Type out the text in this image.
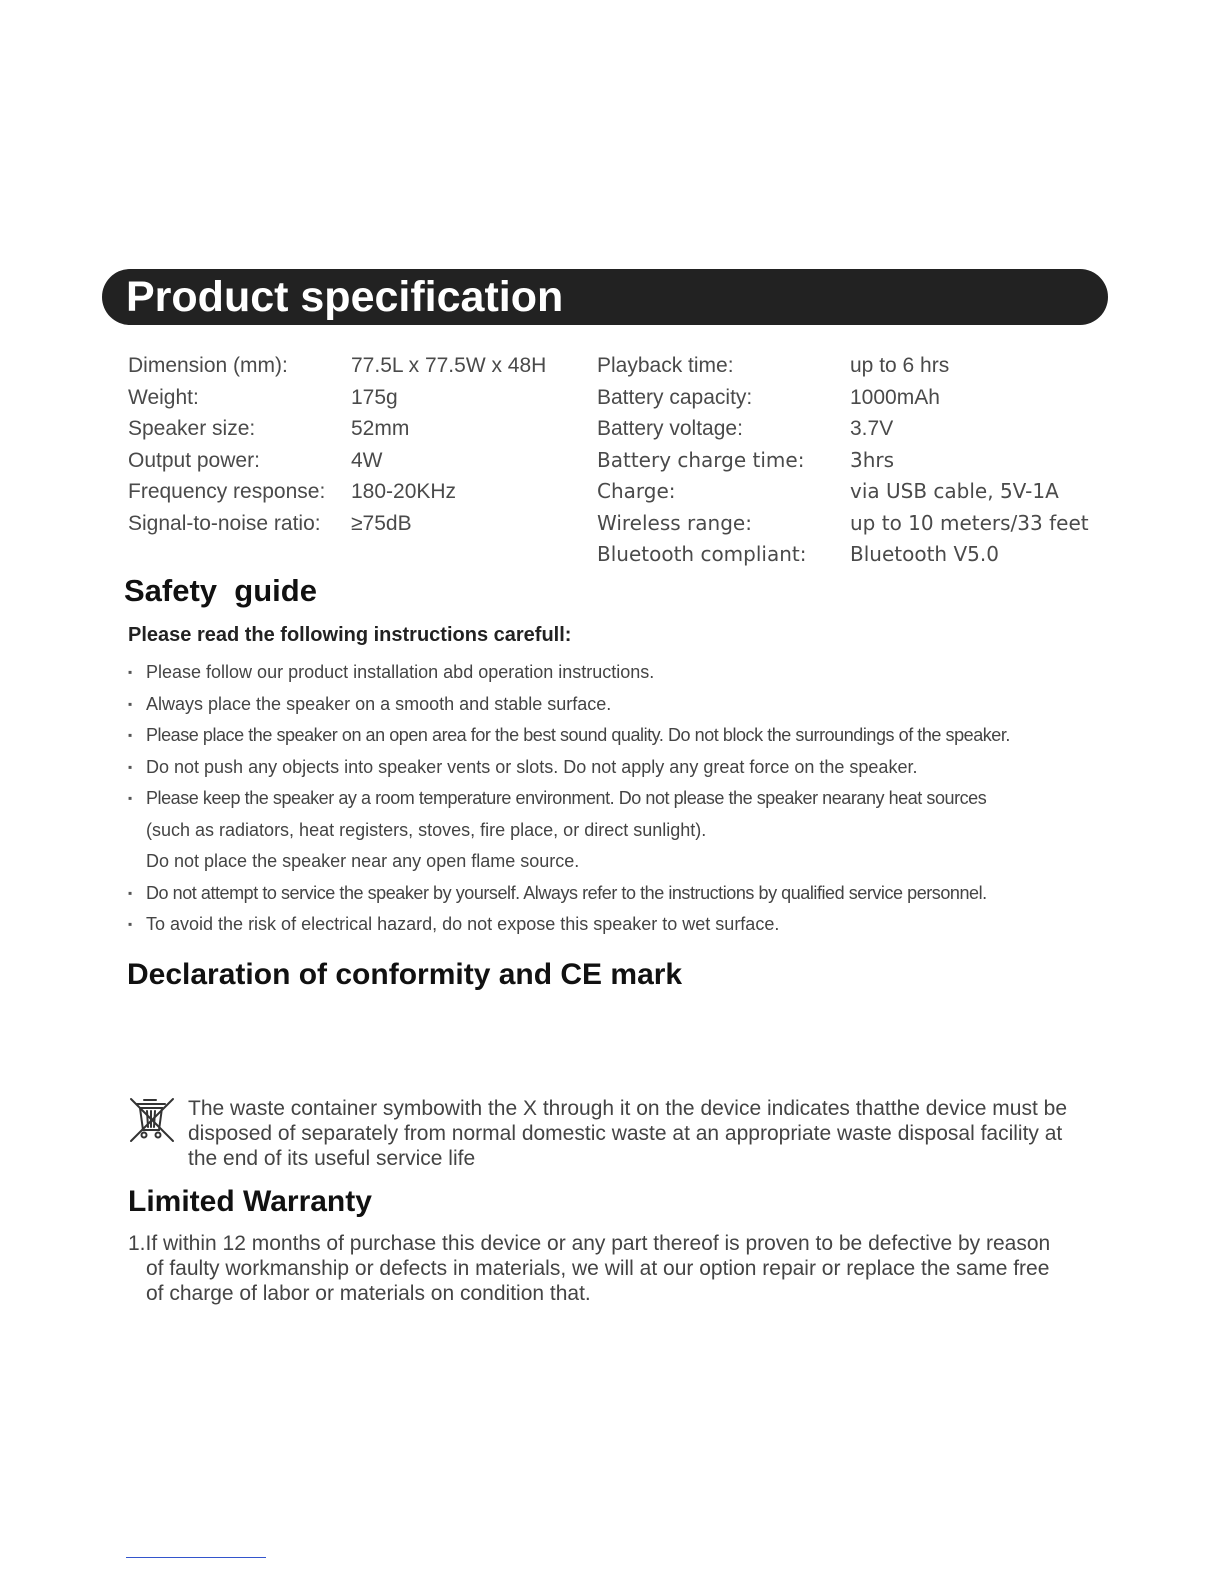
Product specification
Dimension (mm):	77.5L x 77.5W x 48H
Weight:	175g
Speaker size:	52mm
Output power:	4W
Frequency response: 180-20KHz
Signal-to-noise ratio: ≥75dB
Playback time:	up to 6 hrs
Battery capacity:	1000mAh
Battery voltage:	3.7V
Battery charge time: 3hrs
Charge:	via USB cable, 5V-1A
Wireless range:	up to 10 meters/33 feet
Bluetooth compliant: Bluetooth V5.0
Safety  guide
Please read the following instructions carefull:
▪ Please follow our product installation abd operation instructions.
▪ Always place the speaker on a smooth and stable surface.
▪ Please place the speaker on an open area for the best sound quality. Do not block the surroundings of the speaker.
▪ Do not push any objects into speaker vents or slots. Do not apply any great force on the speaker.
▪ Please keep the speaker ay a room temperature environment. Do not please the speaker nearany heat sources
(such as radiators, heat registers, stoves, fire place, or direct sunlight).
Do not place the speaker near any open flame source.
▪ Do not attempt to service the speaker by yourself. Always refer to the instructions by qualified service personnel.
▪ To avoid the risk of electrical hazard, do not expose this speaker to wet surface.
Declaration of conformity and CE mark
The waste container symbowith the X through it on the device indicates thatthe device must be disposed of separately from normal domestic waste at an appropriate waste disposal facility at the end of its useful service life
Limited Warranty
1.If within 12 months of purchase this device or any part thereof is proven to be defective by reason
of faulty workmanship or defects in materials, we will at our option repair or replace the same free
of charge of labor or materials on condition that.
